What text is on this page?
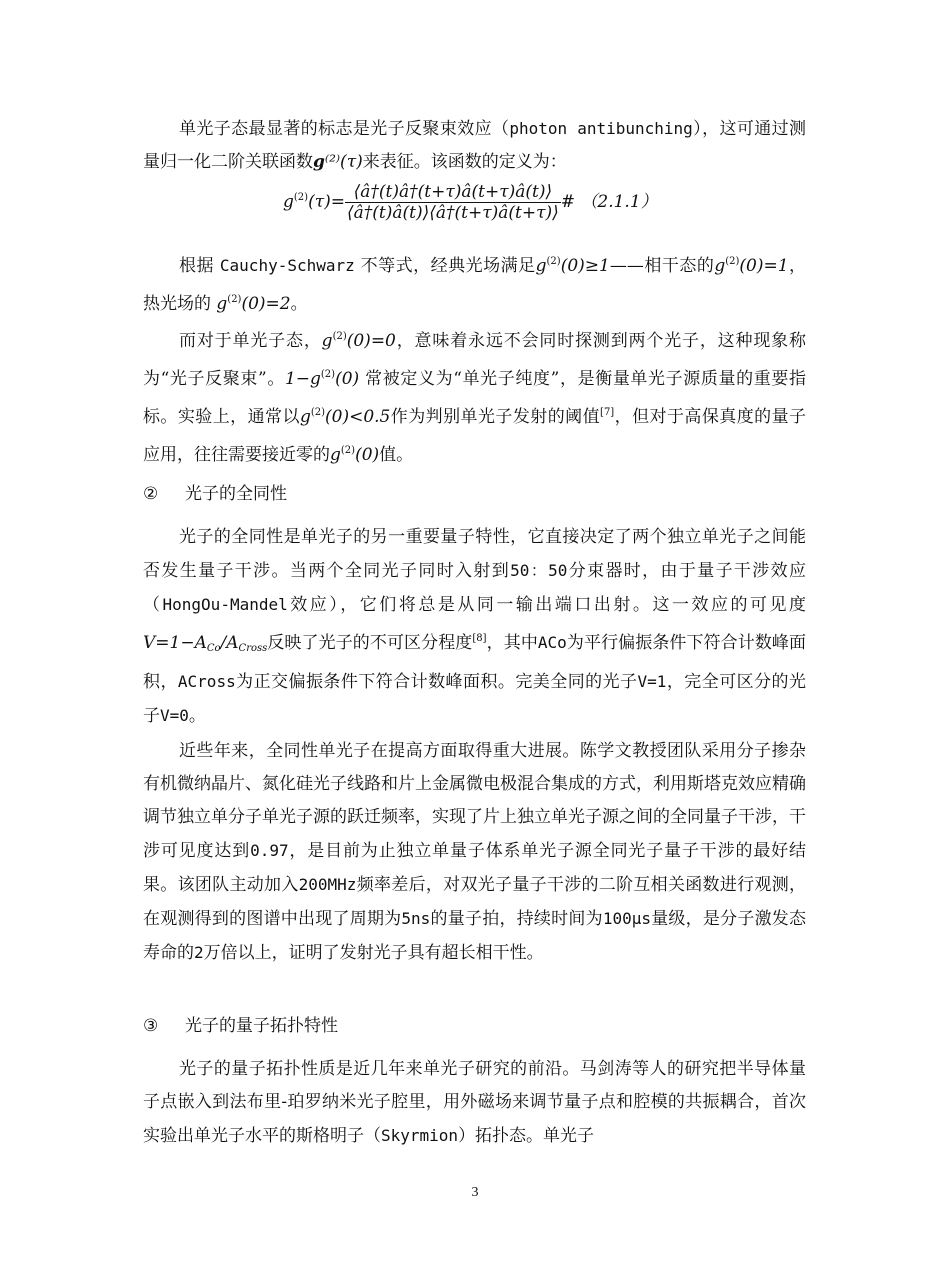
单光子态最显著的标志是光子反聚束效应（photon antibunching），这可通过测量归一化二阶关联函数g⁽²⁾(τ)来表征。该函数的定义为：

$g^{(2)}(\tau)= \frac{⟨â\dagger(t)â\dagger(t+\tau)â(t+\tau)â(t)⟩}{⟨â\dagger(t)â(t)⟩⟨â\dagger(t+\tau)â(t+\tau)⟩}$ # （2.1.1）

根据 Cauchy-Schwarz 不等式，经典光场满足$g^{(2)}(0)\ge 1——$相干态的$g^{(2)}(0)=1$，热光场的 $g^{(2)}(0)=2$。

而对于单光子态，$g^{(2)}(0)=0$，意味着永远不会同时探测到两个光子，这种现象称为“光子反聚束”。$1-g^{(2)}(0)$ 常被定义为“单光子纯度”，是衡量单光子源质量的重要指标。实验上，通常以$g^{(2)}(0)<0.5$作为判别单光子发射的阈值[7]，但对于高保真度的量子应用，往往需要接近零的$g^{(2)}(0)$值。

② 光子的全同性

光子的全同性是单光子的另一重要量子特性，它直接决定了两个独立单光子之间能否发生量子干涉。当两个全同光子同时入射到50：50分束器时，由于量子干涉效应（HongOu-Mandel效应），它们将总是从同一输出端口出射。这一效应的可见度$V=1-A_{Co}/A_{Cross}$反映了光子的不可区分程度[8]，其中ACo为平行偏振条件下符合计数峰面积，ACross为正交偏振条件下符合计数峰面积。完美全同的光子V=1，完全可区分的光子V=0。

近些年来，全同性单光子在提高方面取得重大进展。陈学文教授团队采用分子掺杂有机微纳晶片、氮化硅光子线路和片上金属微电极混合集成的方式，利用斯塔克效应精确调节独立单分子单光子源的跃迁频率，实现了片上独立单光子源之间的全同量子干涉，干涉可见度达到0.97，是目前为止独立单量子体系单光子源全同光子量子干涉的最好结果。该团队主动加入200MHz频率差后，对双光子量子干涉的二阶互相关函数进行观测，在观测得到的图谱中出现了周期为5ns的量子拍，持续时间为100μs量级，是分子激发态寿命的2万倍以上，证明了发射光子具有超长相干性。

③ 光子的量子拓扑特性

光子的量子拓扑性质是近几年来单光子研究的前沿。马剑涛等人的研究把半导体量子点嵌入到法布里-珀罗纳米光子腔里，用外磁场来调节量子点和腔模的共振耦合，首次实验出单光子水平的斯格明子（Skyrmion）拓扑态。单光子

3
